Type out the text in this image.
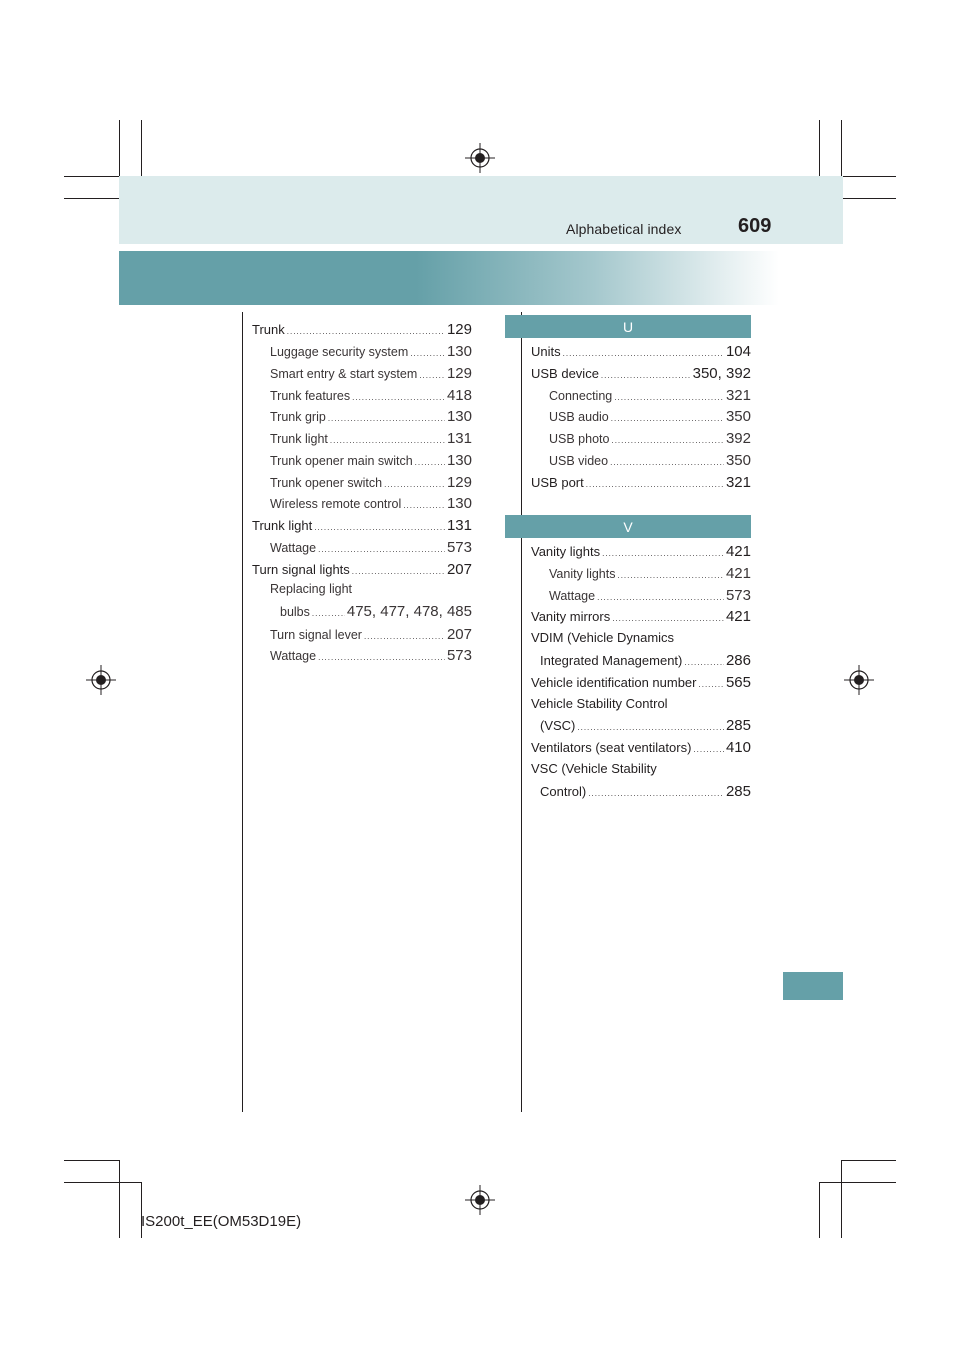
Alphabetical index	609
Trunk .....	129
Luggage security system .....	130
Smart entry & start system ..... 129
Trunk features .....	418
Trunk grip .....	130
Trunk light .....	131
Trunk opener main switch ..... 130
Trunk opener switch .....	129
Wireless remote control .....	130
Trunk light .....	131
Wattage .....	573
Turn signal lights .....	207
Replacing light
bulbs ..... 475, 477, 478, 485
Turn signal lever .....	207
Wattage .....	573
U
Units .....	104
USB device .....	350, 392
Connecting .....	321
USB audio .....	350
USB photo .....	392
USB video .....	350
USB port .....	321
V
Vanity lights .....	421
Vanity lights .....	421
Wattage .....	573
Vanity mirrors .....	421
VDIM (Vehicle Dynamics
Integrated Management) .....	286
Vehicle identification number ..... 565
Vehicle Stability Control
(VSC) .....	285
Ventilators (seat ventilators) ..... 410
VSC (Vehicle Stability
Control) .....	285
IS200t_EE(OM53D19E)
